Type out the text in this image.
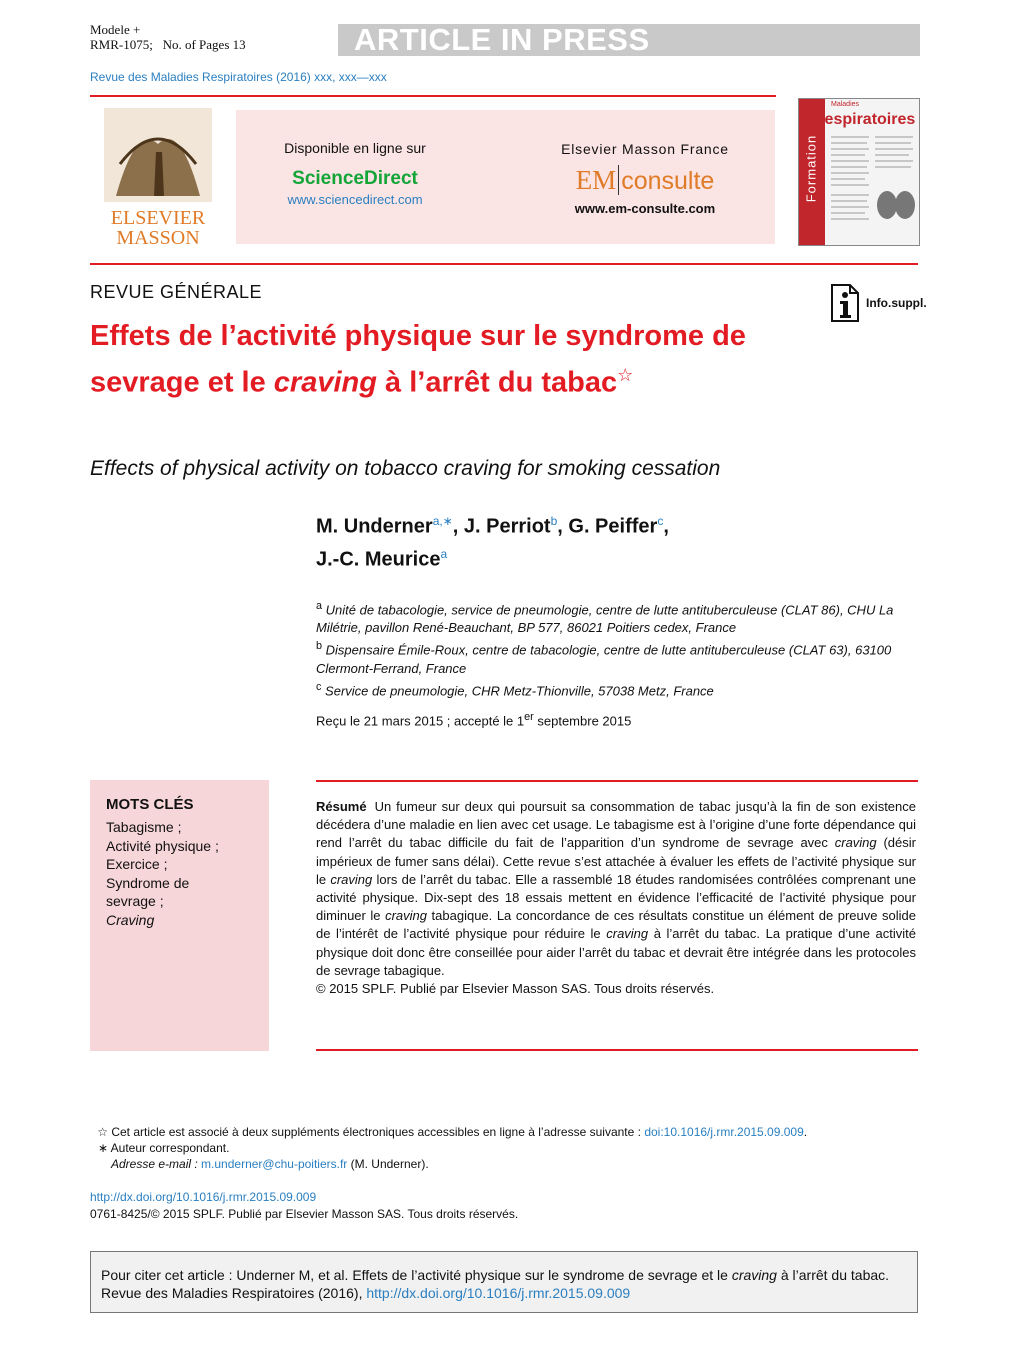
Modele +
RMR-1075; No. of Pages 13	ARTICLE IN PRESS
Revue des Maladies Respiratoires (2016) xxx, xxx—xxx
ELSEVIER
MASSON
Disponible en ligne sur
ScienceDirect
www.sciencedirect.com
Elsevier Masson France
EM consulte
www.em-consulte.com
Formation
Maladies
Respiratoires
REVUE GÉNÉRALE
Info.suppl.
Effets de l’activité physique sur le syndrome de sevrage et le craving à l’arrêt du tabac☆
Effects of physical activity on tobacco craving for smoking cessation
M. Underner$^{a,∗}$, J. Perriot$^b$, G. Peiffer$^c$,
J.-C. Meurice$^a$

$^a$ Unité de tabacologie, service de pneumologie, centre de lutte antituberculeuse (CLAT 86), CHU La Milétrie, pavillon René-Beauchant, BP 577, 86021 Poitiers cedex, France

$^b$ Dispensaire Émile-Roux, centre de tabacologie, centre de lutte antituberculeuse (CLAT 63), 63100 Clermont-Ferrand, France

$^c$ Service de pneumologie, CHR Metz-Thionville, 57038 Metz, France

Reçu le 21 mars 2015 ; accepté le 1er septembre 2015
MOTS CLÉS
Tabagisme ;
Activité physique ;
Exercice ;
Syndrome de
sevrage ;
Craving
Résumé Un fumeur sur deux qui poursuit sa consommation de tabac jusqu’à la fin de son existence décédera d’une maladie en lien avec cet usage. Le tabagisme est à l’origine d’une forte dépendance qui rend l’arrêt du tabac difficile du fait de l’apparition d’un syndrome de sevrage avec craving (désir impérieux de fumer sans délai). Cette revue s’est attachée à évaluer les effets de l’activité physique sur le craving lors de l’arrêt du tabac. Elle a rassemblé 18 études randomisées contrôlées comprenant une activité physique. Dix-sept des 18 essais mettent en évidence l’efficacité de l’activité physique pour diminuer le craving tabagique. La concordance de ces résultats constitue un élément de preuve solide de l’intérêt de l’activité physique pour réduire le craving à l’arrêt du tabac. La pratique d’une activité physique doit donc être conseillée pour aider l’arrêt du tabac et devrait être intégrée dans les protocoles de sevrage tabagique.
© 2015 SPLF. Publié par Elsevier Masson SAS. Tous droits réservés.

☆ Cet article est associé à deux suppléments électroniques accessibles en ligne à l’adresse suivante : doi:10.1016/j.rmr.2015.09.009.

∗ Auteur correspondant.

Adresse e-mail : m.underner@chu-poitiers.fr (M. Underner).

http://dx.doi.org/10.1016/j.rmr.2015.09.009
0761-8425/© 2015 SPLF. Publié par Elsevier Masson SAS. Tous droits réservés.
Pour citer cet article : Underner M, et al. Effets de l’activité physique sur le syndrome de sevrage et le craving à l’arrêt du tabac. Revue des Maladies Respiratoires (2016), http://dx.doi.org/10.1016/j.rmr.2015.09.009
